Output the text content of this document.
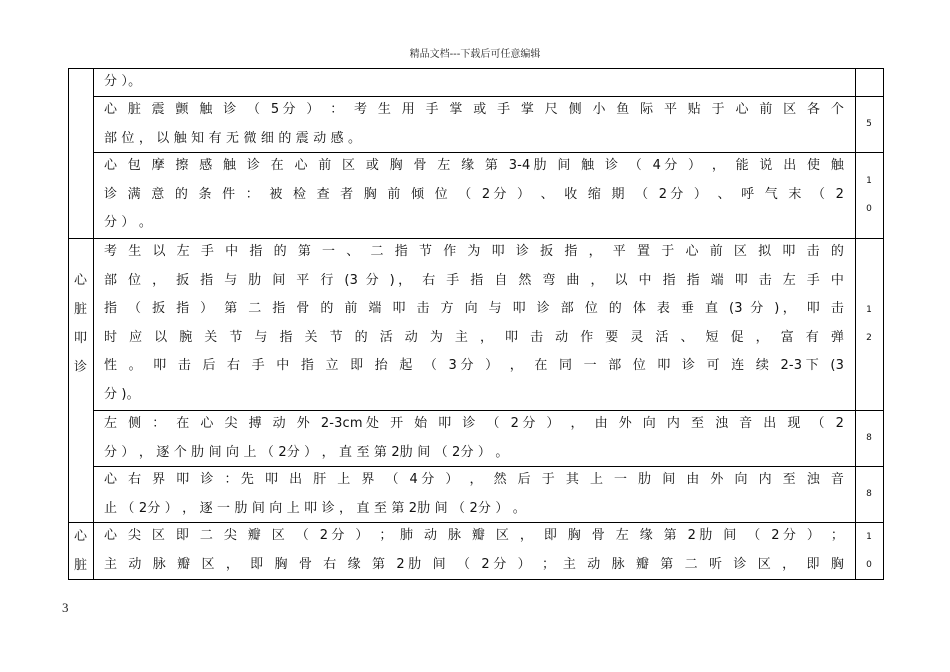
精品文档---下载后可任意编辑
分 ）。
心 脏 震 颤 触 诊 （ 5分 ） ： 考 生 用 手 掌 或 手 掌 尺 侧 小 鱼 际 平 贴 于 心 前 区 各 个
部 位 ， 以 触 知 有 无 微 细 的 震 动 感 。
5
心 包 摩 擦 感 触 诊 在 心 前 区 或 胸 骨 左 缘 第 3-4肋 间 触 诊 （ 4分 ） ， 能 说 出 使 触
诊 满 意 的 条 件 ： 被 检 查 者 胸 前 倾 位 （ 2分 ） 、 收 缩 期 （ 2分 ） 、 呼 气 末 （ 2
分 ） 。
1
0
心
脏
叩
诊
考 生 以 左 手 中 指 的 第 一 、 二 指 节 作 为 叩 诊 扳 指 ， 平 置 于 心 前 区 拟 叩 击 的
部 位 ， 扳 指 与 肋 间 平 行 (3 分 )， 右 手 指 自 然 弯 曲 ， 以 中 指 指 端 叩 击 左 手 中
指 （ 扳 指 ） 第 二 指 骨 的 前 端 叩 击 方 向 与 叩 诊 部 位 的 体 表 垂 直 (3 分 )， 叩 击
时 应 以 腕 关 节 与 指 关 节 的 活 动 为 主 ， 叩 击 动 作 要 灵 活 、 短 促 ， 富 有 弹
性 。 叩 击 后 右 手 中 指 立 即 抬 起 （ 3分 ） ， 在 同 一 部 位 叩 诊 可 连 续 2-3下 (3
分 )。
1
2
左 侧 ： 在 心 尖 搏 动 外 2-3cm处 开 始 叩 诊 （ 2分 ） ， 由 外 向 内 至 浊 音 出 现 （ 2
分 ） ， 逐 个 肋 间 向 上 （ 2分 ） ， 直 至 第 2肋 间 （ 2分 ） 。
8
心 右 界 叩 诊 ：先 叩 出 肝 上 界 （ 4分 ） ， 然 后 于 其 上 一 肋 间 由 外 向 内 至 浊 音
止 （ 2分 ） ， 逐 一 肋 间 向 上 叩 诊 ， 直 至 第 2肋 间 （ 2分 ） 。
8
心
脏
心 尖 区 即 二 尖 瓣 区 （ 2分 ） ； 肺 动 脉 瓣 区 ， 即 胸 骨 左 缘 第 2肋 间 （ 2分 ） ；
主 动 脉 瓣 区 ， 即 胸 骨 右 缘 第 2肋 间 （ 2分 ） ； 主 动 脉 瓣 第 二 听 诊 区 ， 即 胸
1
0
3
